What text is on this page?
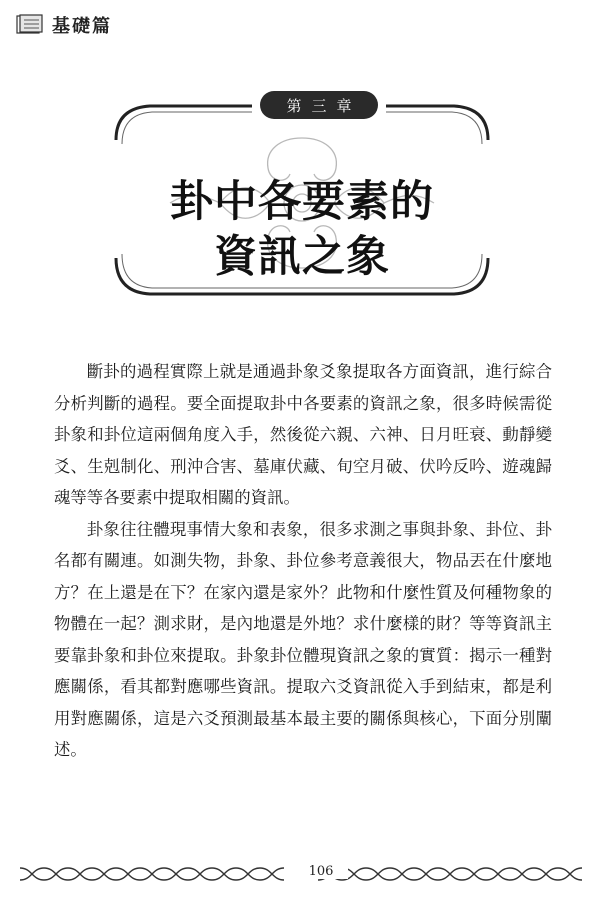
基礎篇
第三章
卦中各要素的
資訊之象

斷卦的過程實際上就是通過卦象爻象提取各方面資訊，進行綜合分析判斷的過程。要全面提取卦中各要素的資訊之象，很多時候需從卦象和卦位這兩個角度入手，然後從六親、六神、日月旺衰、動靜變爻、生剋制化、刑沖合害、墓庫伏藏、旬空月破、伏吟反吟、遊魂歸魂等等各要素中提取相關的資訊。

卦象往往體現事情大象和表象，很多求測之事與卦象、卦位、卦名都有關連。如測失物，卦象、卦位參考意義很大，物品丟在什麼地方？在上還是在下？在家內還是家外？此物和什麼性質及何種物象的物體在一起？測求財，是內地還是外地？求什麼樣的財？等等資訊主要靠卦象和卦位來提取。卦象卦位體現資訊之象的實質：揭示一種對應關係，看其都對應哪些資訊。提取六爻資訊從入手到結束，都是利用對應關係，這是六爻預測最基本最主要的關係與核心，下面分別闡述。

106
